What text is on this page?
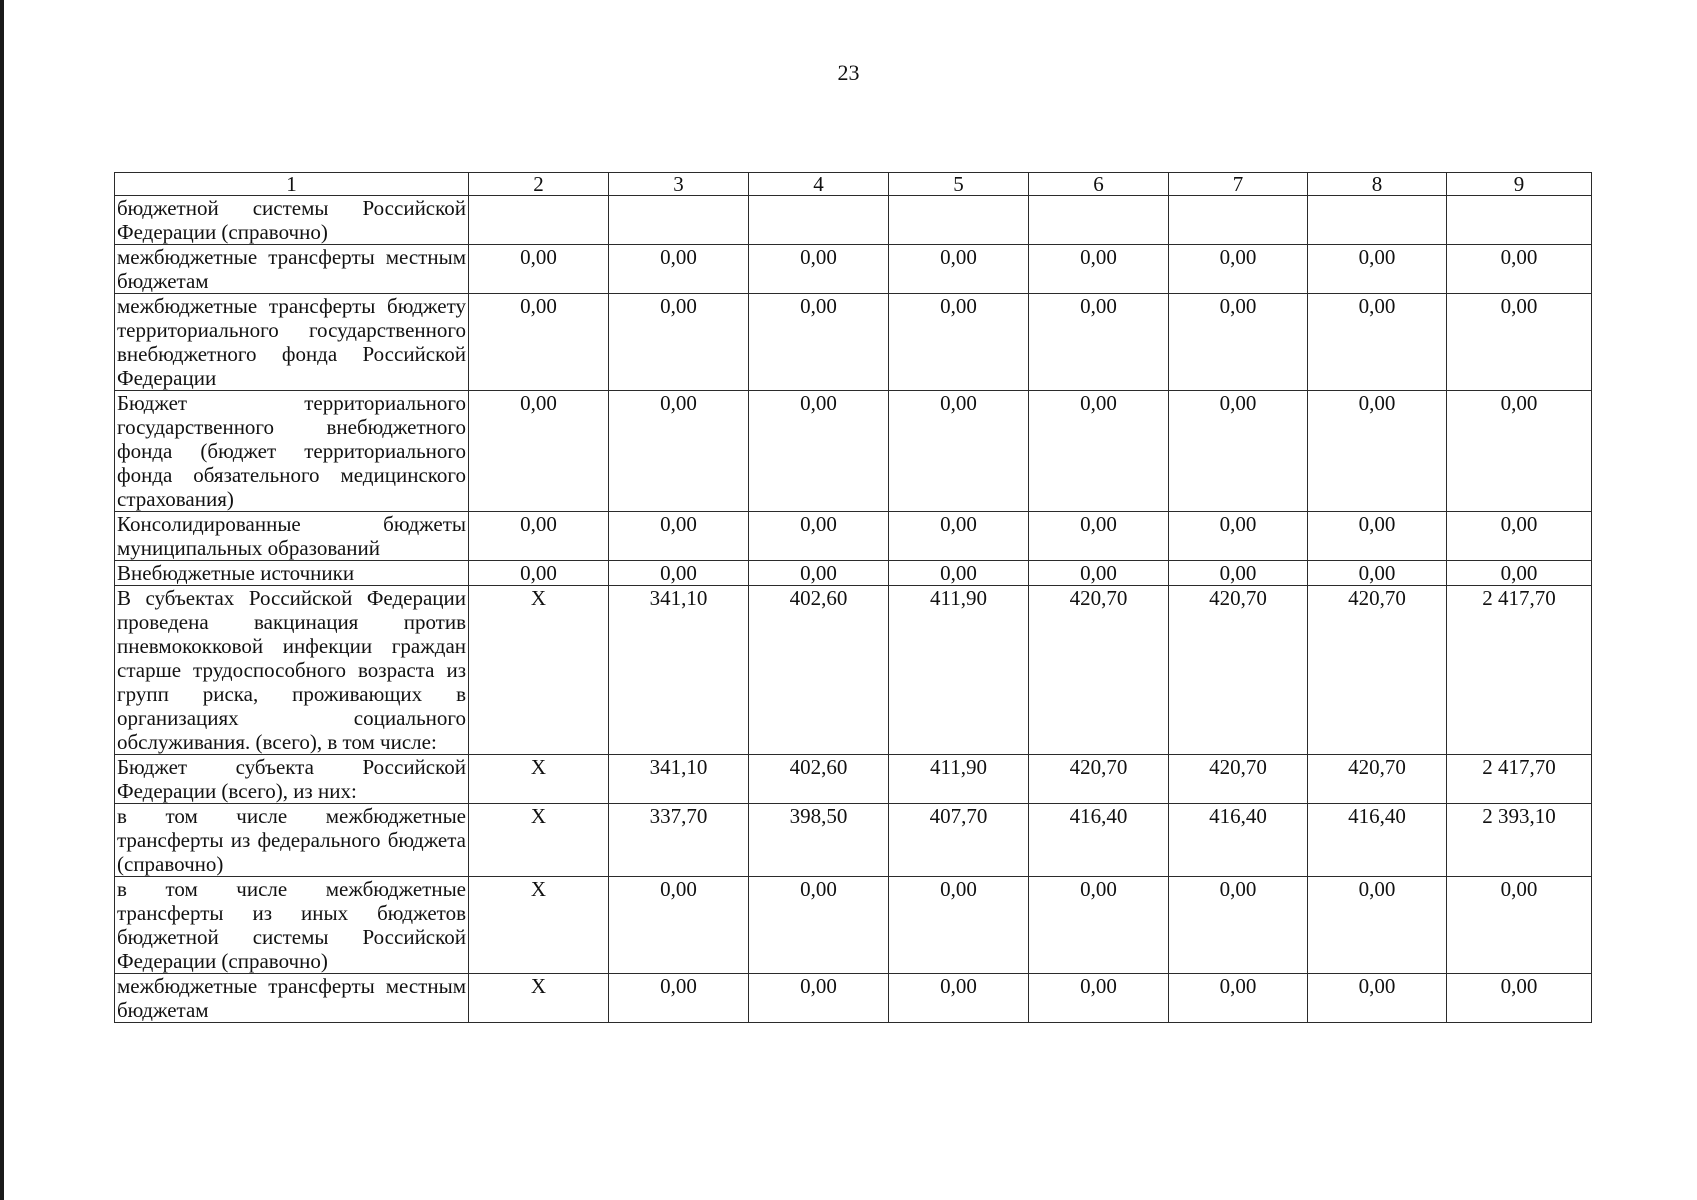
23
1	2	3	4	5	6	7	8	9
бюджетной системы Российской Федерации (справочно)								
межбюджетные трансферты местным бюджетам	0,00	0,00	0,00	0,00	0,00	0,00	0,00	0,00
межбюджетные трансферты бюджету территориального государственного внебюджетного фонда Российской Федерации	0,00	0,00	0,00	0,00	0,00	0,00	0,00	0,00
Бюджет территориального государственного внебюджетного фонда (бюджет территориального фонда обязательного медицинского страхования)	0,00	0,00	0,00	0,00	0,00	0,00	0,00	0,00
Консолидированные бюджеты муниципальных образований	0,00	0,00	0,00	0,00	0,00	0,00	0,00	0,00
Внебюджетные источники	0,00	0,00	0,00	0,00	0,00	0,00	0,00	0,00
В субъектах Российской Федерации проведена вакцинация против пневмококковой инфекции граждан старше трудоспособного возраста из групп риска, проживающих в организациях социального обслуживания. (всего), в том числе:	X	341,10	402,60	411,90	420,70	420,70	420,70	2 417,70
Бюджет субъекта Российской Федерации (всего), из них:	X	341,10	402,60	411,90	420,70	420,70	420,70	2 417,70
в том числе межбюджетные трансферты из федерального бюджета (справочно)	X	337,70	398,50	407,70	416,40	416,40	416,40	2 393,10
в том числе межбюджетные трансферты из иных бюджетов бюджетной системы Российской Федерации (справочно)	X	0,00	0,00	0,00	0,00	0,00	0,00	0,00
межбюджетные трансферты местным бюджетам	X	0,00	0,00	0,00	0,00	0,00	0,00	0,00
